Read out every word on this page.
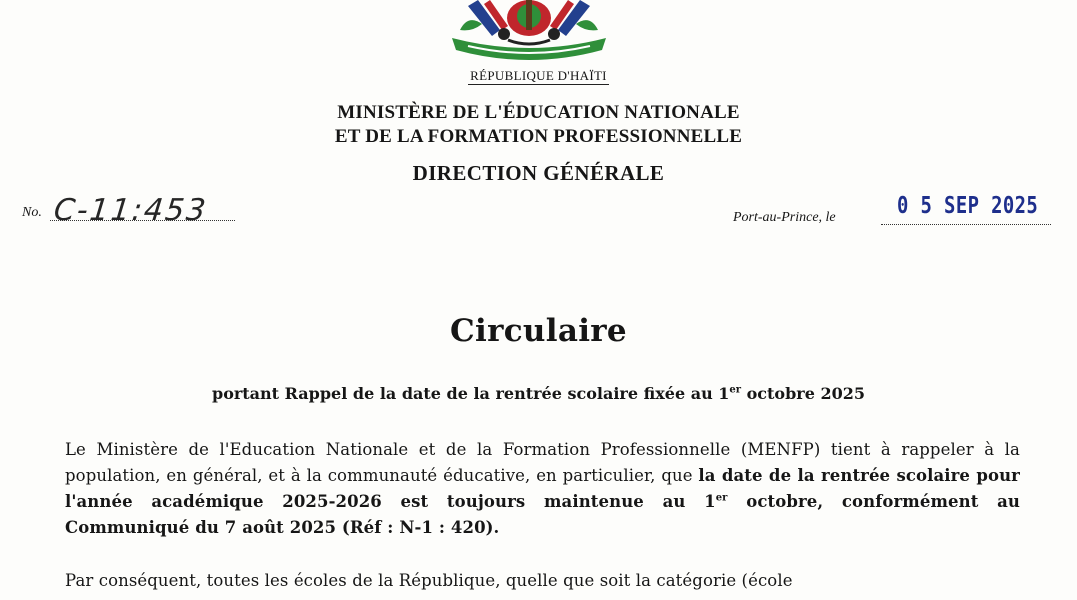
RÉPUBLIQUE D'HAÏTI
MINISTÈRE DE L'ÉDUCATION NATIONALE
ET DE LA FORMATION PROFESSIONNELLE
DIRECTION GÉNÉRALE
No. C-11:453	Port-au-Prince, le	0 5 SEP 2025
Circulaire
portant Rappel de la date de la rentrée scolaire fixée au 1er octobre 2025
Le Ministère de l'Education Nationale et de la Formation Professionnelle (MENFP) tient à rappeler à la population, en général, et à la communauté éducative, en particulier, que la date de la rentrée scolaire pour l'année académique 2025-2026 est toujours maintenue au 1er octobre, conformément au Communiqué du 7 août 2025 (Réf : N-1 : 420).
Par conséquent, toutes les écoles de la République, quelle que soit la catégorie (école
